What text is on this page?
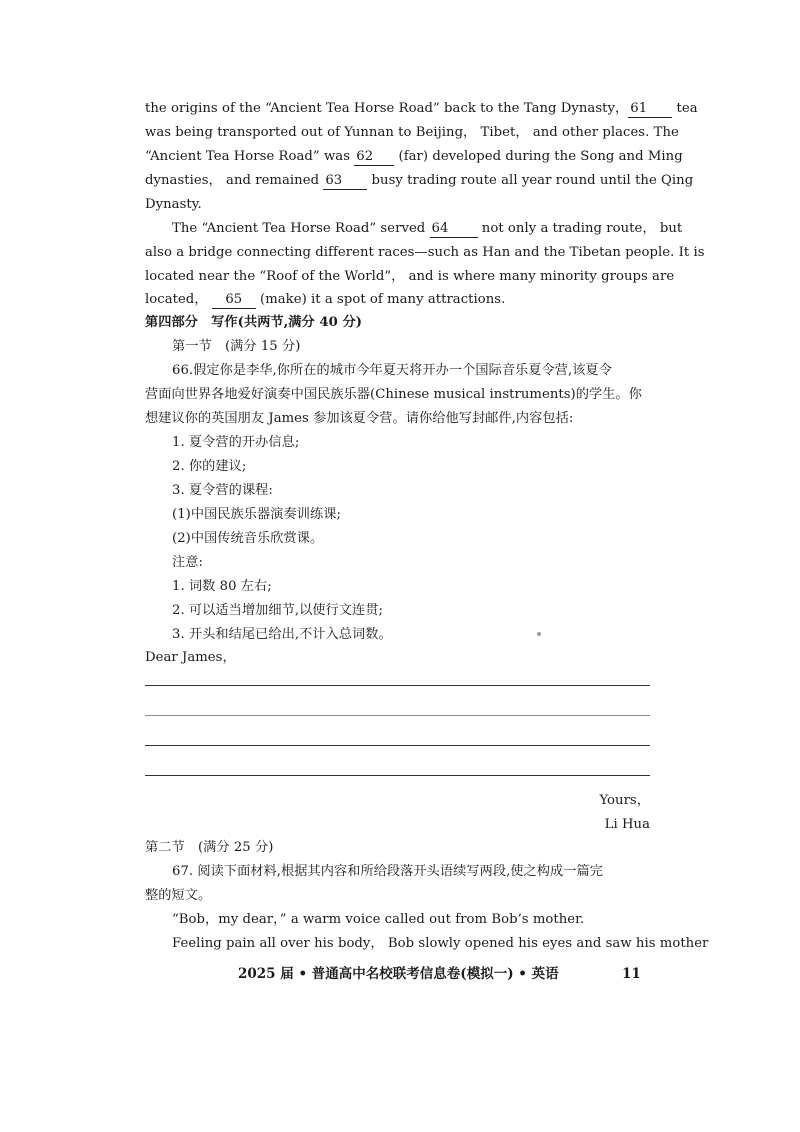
the origins of the “Ancient Tea Horse Road” back to the Tang Dynasty， 61 tea
was being transported out of Yunnan to Beijing， Tibet， and other places. The
“Ancient Tea Horse Road” was 62 (far) developed during the Song and Ming
dynasties， and remained 63 busy trading route all year round until the Qing
Dynasty.
The “Ancient Tea Horse Road” served 64 not only a trading route， but
also a bridge connecting different races—such as Han and the Tibetan people. It is
located near the “Roof of the World”， and is where many minority groups are
located， 65 (make) it a spot of many attractions.
第四部分　写作(共两节,满分 40 分)
第一节　(满分 15 分)
66.假定你是李华,你所在的城市今年夏天将开办一个国际音乐夏令营,该夏令
营面向世界各地爱好演奏中国民族乐器(Chinese musical instruments)的学生。你
想建议你的英国朋友 James 参加该夏令营。请你给他写封邮件,内容包括:
1. 夏令营的开办信息;
2. 你的建议;
3. 夏令营的课程:
(1)中国民族乐器演奏训练课;
(2)中国传统音乐欣赏课。
注意:
1. 词数 80 左右;
2. 可以适当增加细节,以使行文连贯;
3. 开头和结尾已给出,不计入总词数。
Dear James，
Yours，
Li Hua
第二节　(满分 25 分)
67. 阅读下面材料,根据其内容和所给段落开头语续写两段,使之构成一篇完
整的短文。
“Bob，my dear，” a warm voice called out from Bob’s mother.
Feeling pain all over his body， Bob slowly opened his eyes and saw his mother
2025 届 • 普通高中名校联考信息卷(模拟一) • 英语	11
